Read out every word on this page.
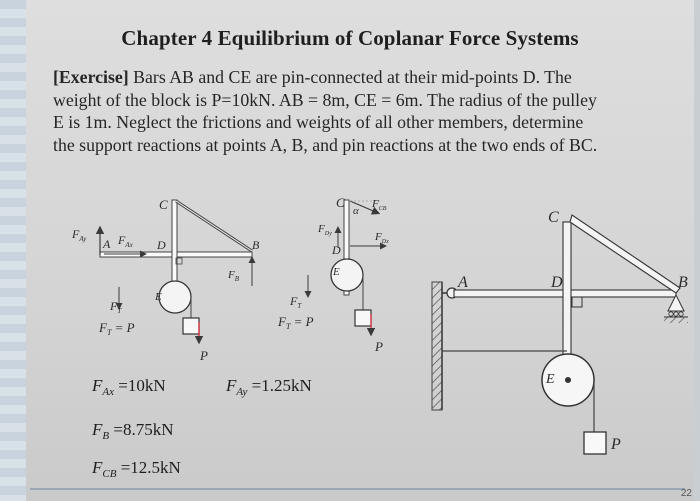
Chapter 4 Equilibrium of Coplanar Force Systems
[Exercise] Bars AB and CE are pin-connected at their mid-points D. The
weight of the block is P=10kN. AB = 8m, CE = 6m. The radius of the pulley
E is 1m. Neglect the frictions and weights of all other members, determine
the support reactions at points A, B, and pin reactions at the two ends of BC.
C
A	D	B
E
P
$F_{Ay}$	$F_{Ax}$
$F_B$
$F_T$
$F_T = P$
C
α
$F_{CB}$
$F_{Dy}$
D
$F_{Dx}$
E
$F_T$
$F_T = P$
P
A	B
C
D
E
P
$F_{Ax} =10kN$	$F_{Ay} =1.25kN$
$F_B =8.75kN$
$F_{CB} =12.5kN$
22
